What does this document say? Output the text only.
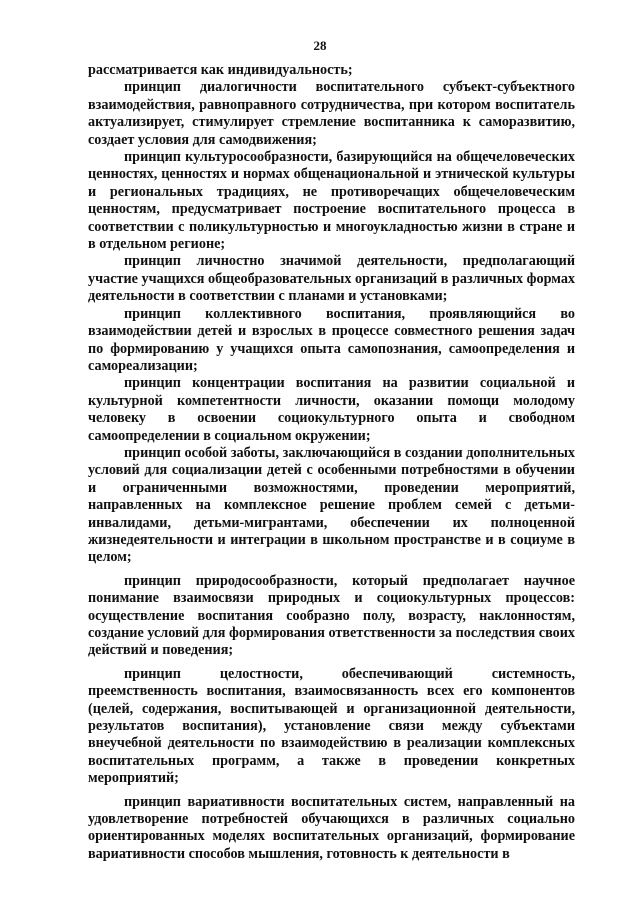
28

рассматривается как индивидуальность;

принцип диалогичности воспитательного субъект-субъектного взаимодействия, равноправного сотрудничества, при котором воспитатель актуализирует, стимулирует стремление воспитанника к саморазвитию, создает условия для самодвижения;

принцип культуросообразности, базирующийся на общечеловеческих ценностях, ценностях и нормах общенациональной и этнической культуры и региональных традициях, не противоречащих общечеловеческим ценностям, предусматривает построение воспитательного процесса в соответствии с поликультурностью и многоукладностью жизни в стране и в отдельном регионе;

принцип личностно значимой деятельности, предполагающий участие учащихся общеобразовательных организаций в различных формах деятельности в соответствии с планами и установками;

принцип коллективного воспитания, проявляющийся во взаимодействии детей и взрослых в процессе совместного решения задач по формированию у учащихся опыта самопознания, самоопределения и самореализации;

принцип концентрации воспитания на развитии социальной и культурной компетентности личности, оказании помощи молодому человеку в освоении социокультурного опыта и свободном самоопределении в социальном окружении;

принцип особой заботы, заключающийся в создании дополнительных условий для социализации детей с особенными потребностями в обучении и ограниченными возможностями, проведении мероприятий, направленных на комплексное решение проблем семей с детьми-инвалидами, детьми-мигрантами, обеспечении их полноценной жизнедеятельности и интеграции в школьном пространстве и в социуме в целом;

принцип природосообразности, который предполагает научное понимание взаимосвязи природных и социокультурных процессов: осуществление воспитания сообразно полу, возрасту, наклонностям, создание условий для формирования ответственности за последствия своих действий и поведения;

принцип целостности, обеспечивающий системность, преемственность воспитания, взаимосвязанность всех его компонентов (целей, содержания, воспитывающей и организационной деятельности, результатов воспитания), установление связи между субъектами внеучебной деятельности по взаимодействию в реализации комплексных воспитательных программ, а также в проведении конкретных мероприятий;

принцип вариативности воспитательных систем, направленный на удовлетворение потребностей обучающихся в различных социально ориентированных моделях воспитательных организаций, формирование вариативности способов мышления, готовность к деятельности в
